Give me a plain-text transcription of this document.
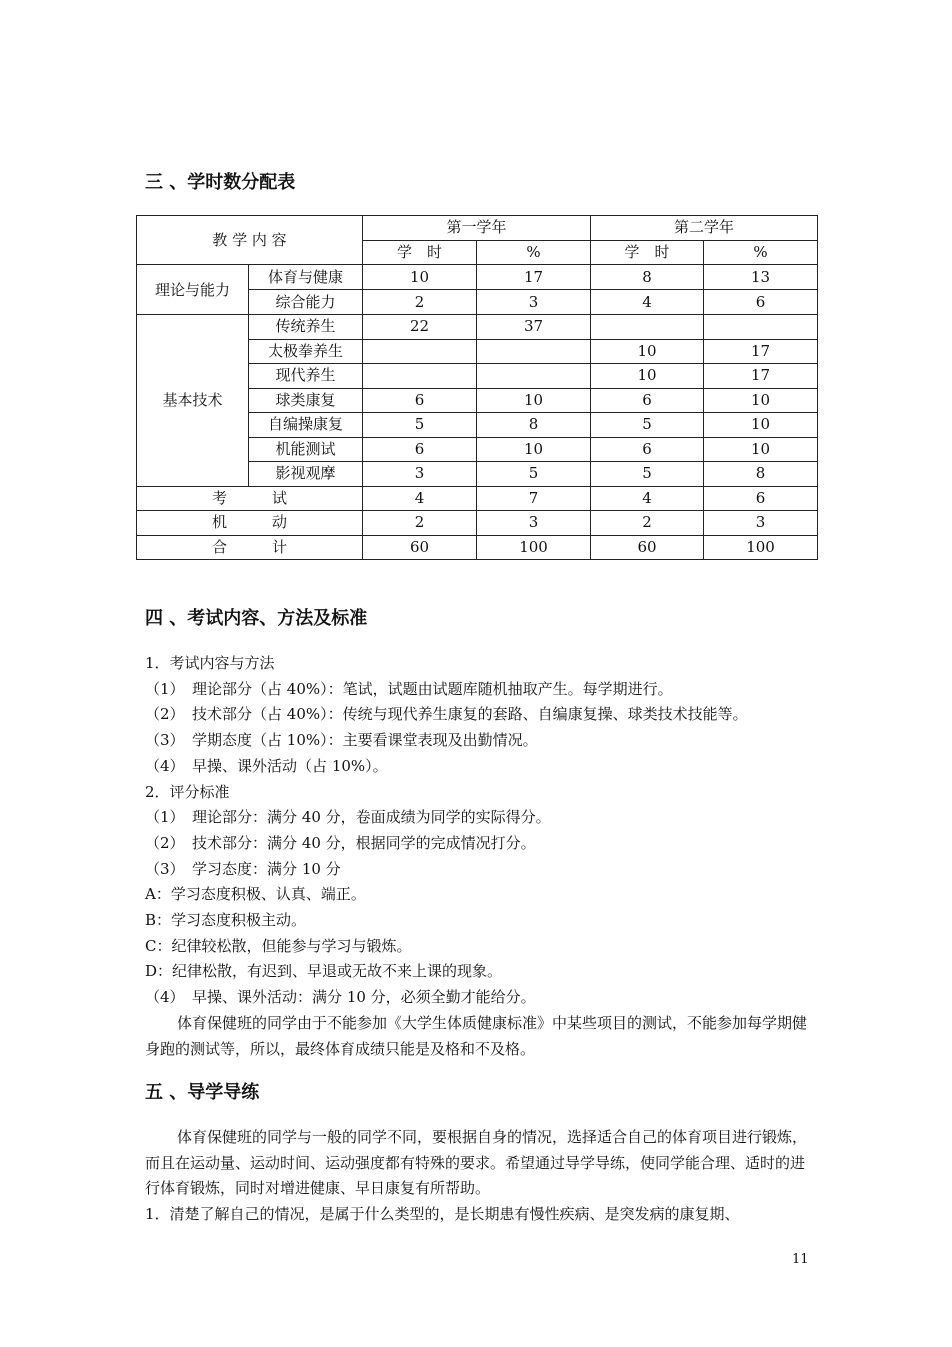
三 、学时数分配表
教 学 内 容		第一学年		第二学年	
		学　时	%	学　时	%
理论与能力	体育与健康	10	17	8	13
	综合能力	2	3	4	6
基本技术	传统养生	22	37		
	太极拳养生			10	17
	现代养生			10	17
	球类康复	6	10	6	10
	自编操康复	5	8	5	10
	机能测试	6	10	6	10
	影视观摩	3	5	5	8
考　　　试		4	7	4	6
机　　　动		2	3	2	3
合　　　计		60	100	60	100
四 、考试内容、方法及标准

1．考试内容与方法

（1）　理论部分（占 40%）：笔试，试题由试题库随机抽取产生。每学期进行。

（2）　技术部分（占 40%）：传统与现代养生康复的套路、自编康复操、球类技术技能等。

（3）　学期态度（占 10%）：主要看课堂表现及出勤情况。

（4）　早操、课外活动（占 10%）。

2．评分标准

（1）　理论部分：满分 40 分，卷面成绩为同学的实际得分。

（2）　技术部分：满分 40 分，根据同学的完成情况打分。

（3）　学习态度：满分 10 分

A：学习态度积极、认真、端正。

B：学习态度积极主动。

C：纪律较松散，但能参与学习与锻炼。

D：纪律松散，有迟到、早退或无故不来上课的现象。

（4）　早操、课外活动：满分 10 分，必须全勤才能给分。

体育保健班的同学由于不能参加《大学生体质健康标准》中某些项目的测试，不能参加每学期健身跑的测试等，所以，最终体育成绩只能是及格和不及格。

五 、导学导练

体育保健班的同学与一般的同学不同，要根据自身的情况，选择适合自己的体育项目进行锻炼，而且在运动量、运动时间、运动强度都有特殊的要求。希望通过导学导练，使同学能合理、适时的进行体育锻炼，同时对增进健康、早日康复有所帮助。

1．清楚了解自己的情况，是属于什么类型的，是长期患有慢性疾病、是突发病的康复期、

11
